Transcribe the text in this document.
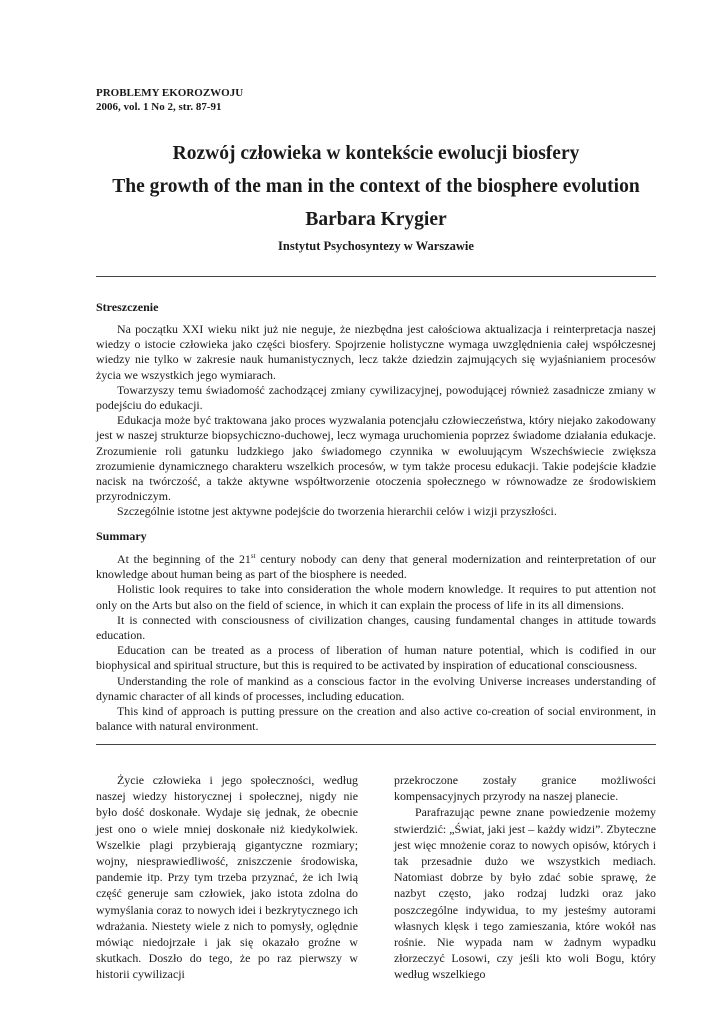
PROBLEMY EKOROZWOJU
2006, vol. 1 No 2, str. 87-91
Rozwój człowieka w kontekście ewolucji biosfery
The growth of the man in the context of the biosphere evolution
Barbara Krygier
Instytut Psychosyntezy w Warszawie
Streszczenie

Na początku XXI wieku nikt już nie neguje, że niezbędna jest całościowa aktualizacja i reinterpretacja naszej wiedzy o istocie człowieka jako części biosfery. Spojrzenie holistyczne wymaga uwzględnienia całej współczesnej wiedzy nie tylko w zakresie nauk humanistycznych, lecz także dziedzin zajmujących się wyjaśnianiem procesów życia we wszystkich jego wymiarach.

Towarzyszy temu świadomość zachodzącej zmiany cywilizacyjnej, powodującej również zasadnicze zmiany w podejściu do edukacji.

Edukacja może być traktowana jako proces wyzwalania potencjału człowieczeństwa, który niejako zakodowany jest w naszej strukturze biopsychiczno-duchowej, lecz wymaga uruchomienia poprzez świadome działania edukacje. Zrozumienie roli gatunku ludzkiego jako świadomego czynnika w ewoluującym Wszechświecie zwiększa zrozumienie dynamicznego charakteru wszelkich procesów, w tym także procesu edukacji. Takie podejście kładzie nacisk na twórczość, a także aktywne współtworzenie otoczenia społecznego w równowadze ze środowiskiem przyrodniczym.

Szczególnie istotne jest aktywne podejście do tworzenia hierarchii celów i wizji przyszłości.

Summary

At the beginning of the 21st century nobody can deny that general modernization and reinterpretation of our knowledge about human being as part of the biosphere is needed.

Holistic look requires to take into consideration the whole modern knowledge. It requires to put attention not only on the Arts but also on the field of science, in which it can explain the process of life in its all dimensions.

It is connected with consciousness of civilization changes, causing fundamental changes in attitude towards education.

Education can be treated as a process of liberation of human nature potential, which is codified in our biophysical and spiritual structure, but this is required to be activated by inspiration of educational consciousness.

Understanding the role of mankind as a conscious factor in the evolving Universe increases understanding of dynamic character of all kinds of processes, including education.

This kind of approach is putting pressure on the creation and also active co-creation of social environment, in balance with natural environment.

Życie człowieka i jego społeczności, według naszej wiedzy historycznej i społecznej, nigdy nie było dość doskonałe. Wydaje się jednak, że obecnie jest ono o wiele mniej doskonałe niż kiedykolwiek. Wszelkie plagi przybierają gigantyczne rozmiary; wojny, niesprawiedliwość, zniszczenie środowiska, pandemie itp. Przy tym trzeba przyznać, że ich lwią część generuje sam człowiek, jako istota zdolna do wymyślania coraz to nowych idei i bezkrytycznego ich wdrażania. Niestety wiele z nich to pomysły, oględnie mówiąc niedojrzałe i jak się okazało groźne w skutkach. Doszło do tego, że po raz pierwszy w historii cywilizacji

przekroczone zostały granice możliwości kompensacyjnych przyrody na naszej planecie.

Parafrazując pewne znane powiedzenie możemy stwierdzić: „Świat, jaki jest – każdy widzi”. Zbyteczne jest więc mnożenie coraz to nowych opisów, których i tak przesadnie dużo we wszystkich mediach. Natomiast dobrze by było zdać sobie sprawę, że nazbyt często, jako rodzaj ludzki oraz jako poszczególne indywidua, to my jesteśmy autorami własnych klęsk i tego zamieszania, które wokół nas rośnie. Nie wypada nam w żadnym wypadku złorzeczyć Losowi, czy jeśli kto woli Bogu, który według wszelkiego
